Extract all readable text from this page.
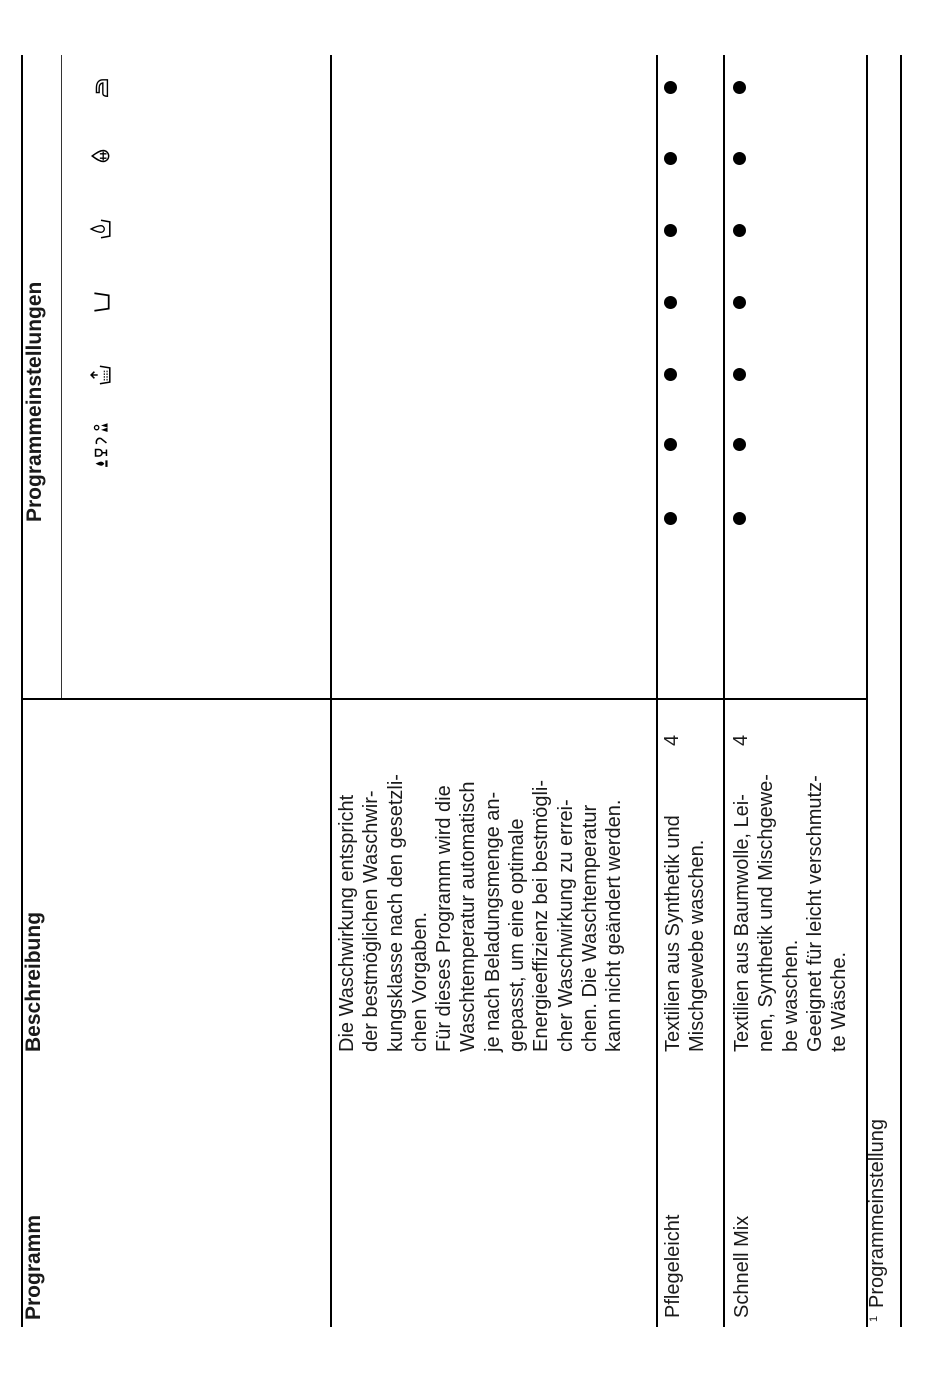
Programm
Beschreibung
Programmeinstellungen
Die Waschwirkung entspricht der bestmöglichen Waschwir- kungsklasse nach den gesetzli- chen Vorgaben. Für dieses Programm wird die Waschtemperatur automatisch je nach Beladungsmenge an- gepasst, um eine optimale Energieeffizienz bei bestmögli- cher Waschwirkung zu errei- chen. Die Waschtemperatur kann nicht geändert werden.
Pflegeleicht
Textilien aus Synthetik und Mischgewebe waschen.
4
Schnell Mix
Textilien aus Baumwolle, Lei- nen, Synthetik und Mischgewe- be waschen. Geeignet für leicht verschmutz- te Wäsche.
4
1
Programmeinstellung
